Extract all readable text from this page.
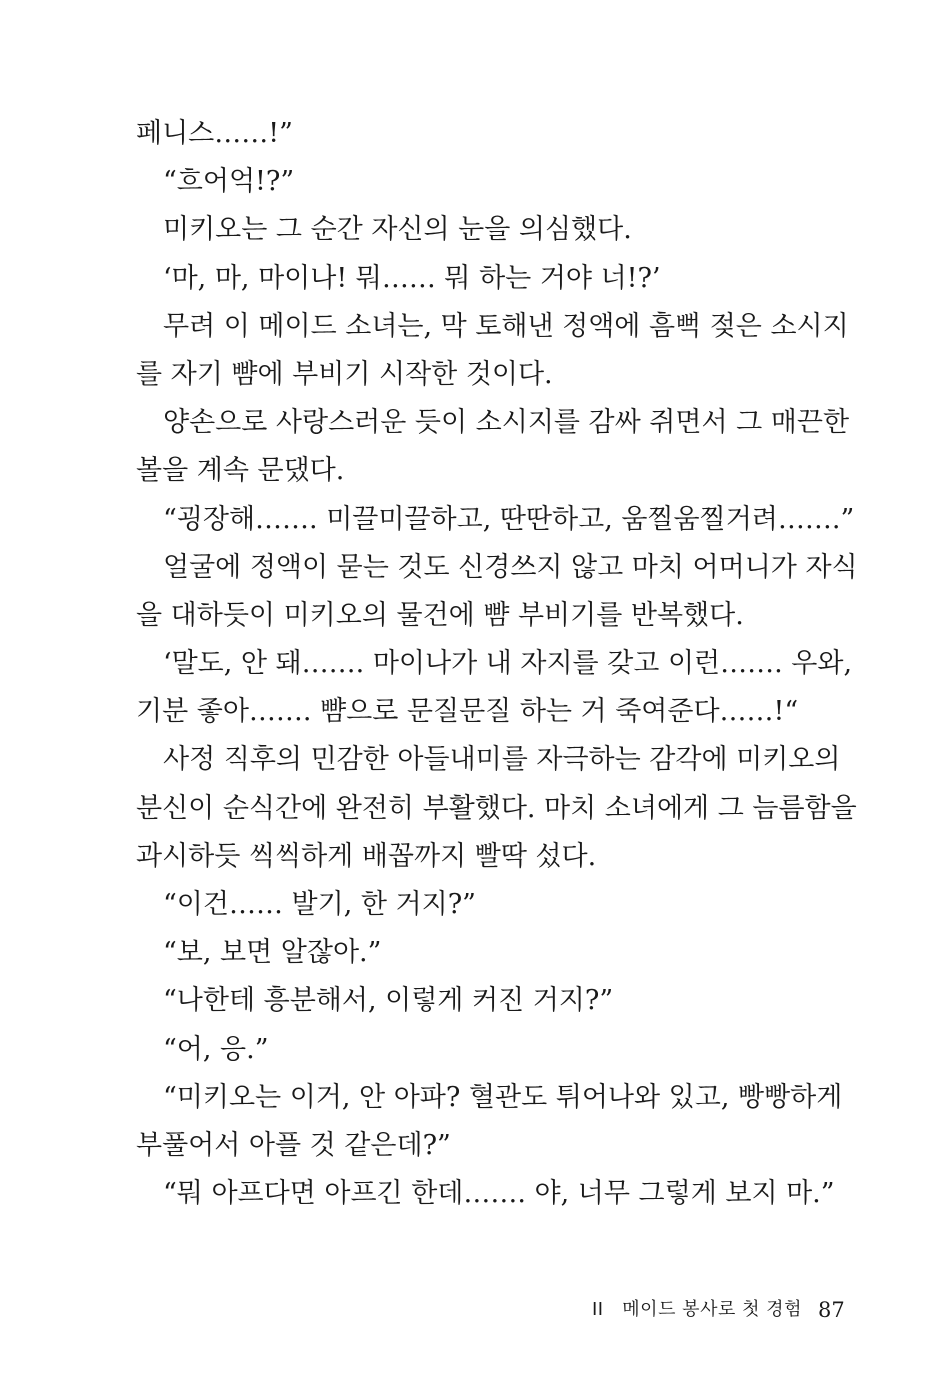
페니스……!”
“흐어억!?”
미키오는 그 순간 자신의 눈을 의심했다.
‘마, 마, 마이나! 뭐…… 뭐 하는 거야 너!?’
무려 이 메이드 소녀는, 막 토해낸 정액에 흠뻑 젖은 소시지
를 자기 뺨에 부비기 시작한 것이다.
양손으로 사랑스러운 듯이 소시지를 감싸 쥐면서 그 매끈한
볼을 계속 문댔다.
“굉장해……. 미끌미끌하고, 딴딴하고, 움찔움찔거려…….”
얼굴에 정액이 묻는 것도 신경쓰지 않고 마치 어머니가 자식
을 대하듯이 미키오의 물건에 뺨 부비기를 반복했다.
‘말도, 안 돼……. 마이나가 내 자지를 갖고 이런……. 우와,
기분 좋아……. 뺨으로 문질문질 하는 거 죽여준다……!“
사정 직후의 민감한 아들내미를 자극하는 감각에 미키오의
분신이 순식간에 완전히 부활했다. 마치 소녀에게 그 늠름함을
과시하듯 씩씩하게 배꼽까지 빨딱 섰다.
“이건…… 발기, 한 거지?”
“보, 보면 알잖아.”
“나한테 흥분해서, 이렇게 커진 거지?”
“어, 응.”
“미키오는 이거, 안 아파? 혈관도 튀어나와 있고, 빵빵하게
부풀어서 아플 것 같은데?”
“뭐 아프다면 아프긴 한데……. 야, 너무 그렇게 보지 마.”
II 메이드 봉사로 첫 경험 87
